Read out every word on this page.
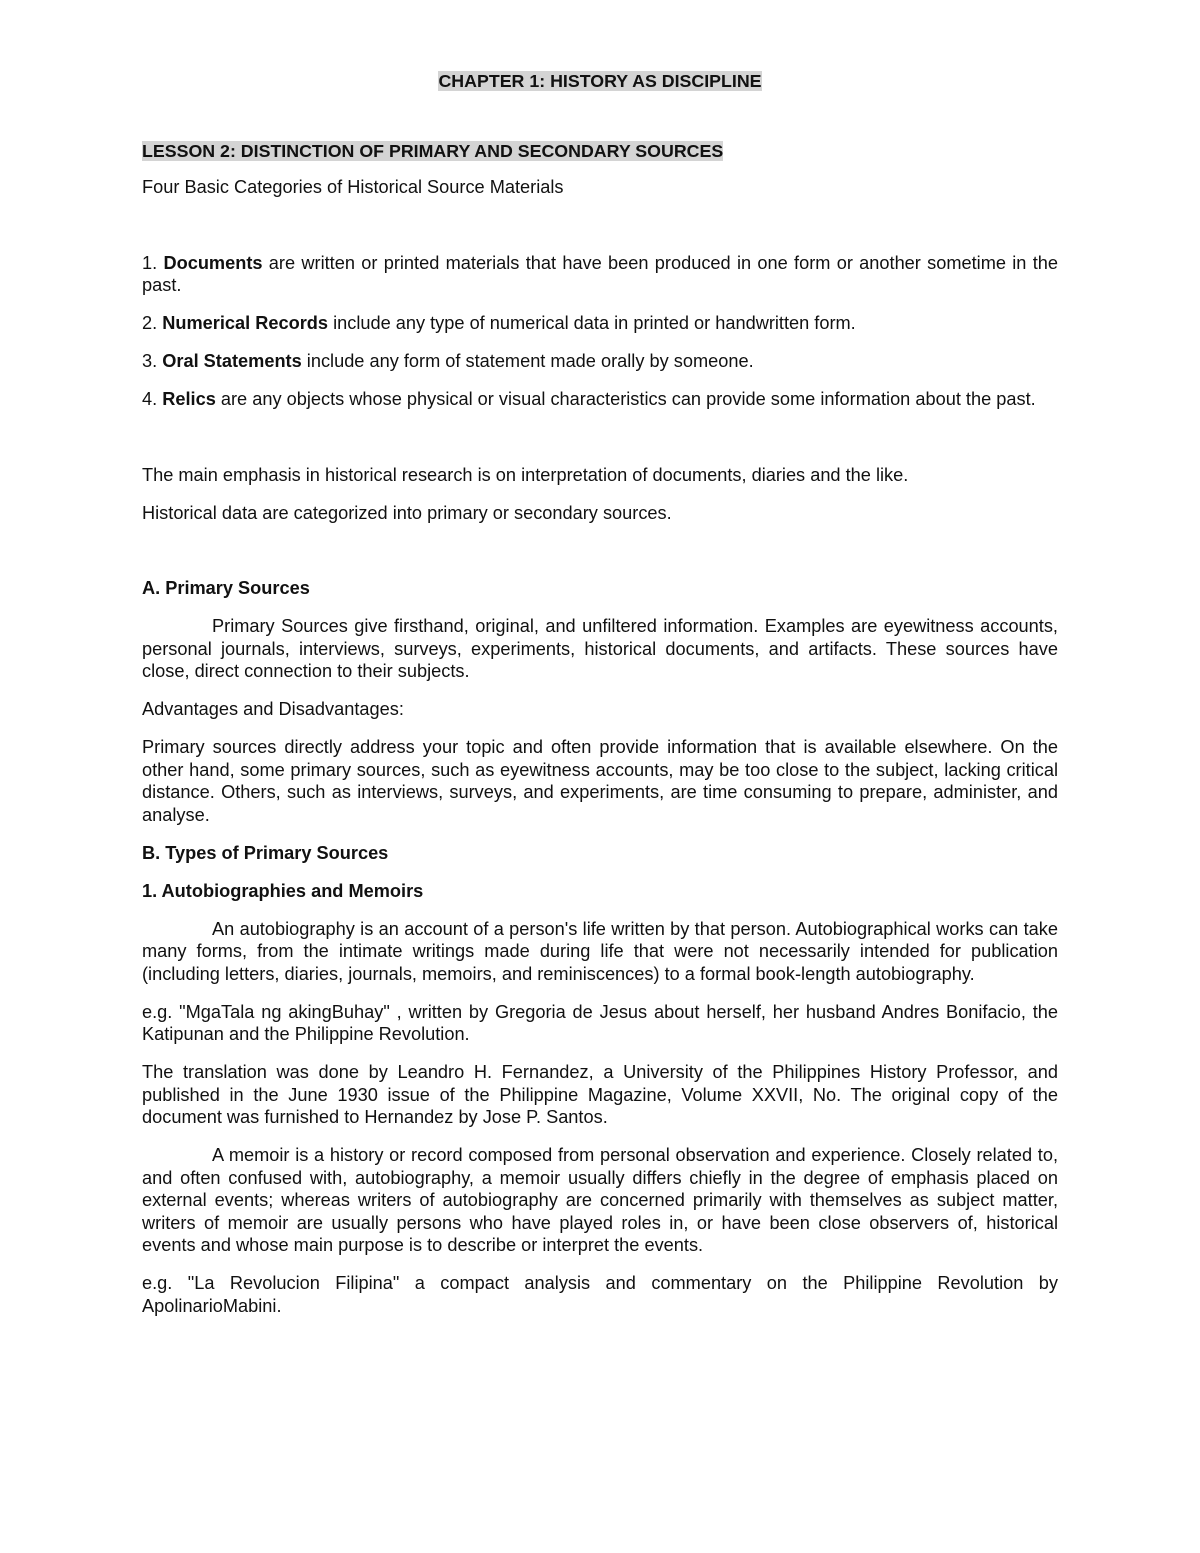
CHAPTER 1: HISTORY AS DISCIPLINE
LESSON 2: DISTINCTION OF PRIMARY AND SECONDARY SOURCES

Four Basic Categories of Historical Source Materials

1. Documents are written or printed materials that have been produced in one form or another sometime in the past.

2. Numerical Records include any type of numerical data in printed or handwritten form.

3. Oral Statements include any form of statement made orally by someone.

4. Relics are any objects whose physical or visual characteristics can provide some information about the past.

The main emphasis in historical research is on interpretation of documents, diaries and the like.

Historical data are categorized into primary or secondary sources.

A. Primary Sources

Primary Sources give firsthand, original, and unfiltered information. Examples are eyewitness accounts, personal journals, interviews, surveys, experiments, historical documents, and artifacts. These sources have close, direct connection to their subjects.

Advantages and Disadvantages:

Primary sources directly address your topic and often provide information that is available elsewhere. On the other hand, some primary sources, such as eyewitness accounts, may be too close to the subject, lacking critical distance. Others, such as interviews, surveys, and experiments, are time consuming to prepare, administer, and analyse.

B. Types of Primary Sources

1. Autobiographies and Memoirs

An autobiography is an account of a person's life written by that person. Autobiographical works can take many forms, from the intimate writings made during life that were not necessarily intended for publication (including letters, diaries, journals, memoirs, and reminiscences) to a formal book-length autobiography.

e.g. "MgaTala ng akingBuhay" , written by Gregoria de Jesus about herself, her husband Andres Bonifacio, the Katipunan and the Philippine Revolution.

The translation was done by Leandro H. Fernandez, a University of the Philippines History Professor, and published in the June 1930 issue of the Philippine Magazine, Volume XXVII, No. The original copy of the document was furnished to Hernandez by Jose P. Santos.

A memoir is a history or record composed from personal observation and experience. Closely related to, and often confused with, autobiography, a memoir usually differs chiefly in the degree of emphasis placed on external events; whereas writers of autobiography are concerned primarily with themselves as subject matter, writers of memoir are usually persons who have played roles in, or have been close observers of, historical events and whose main purpose is to describe or interpret the events.

e.g. "La Revolucion Filipina" a compact analysis and commentary on the Philippine Revolution by ApolinarioMabini.
